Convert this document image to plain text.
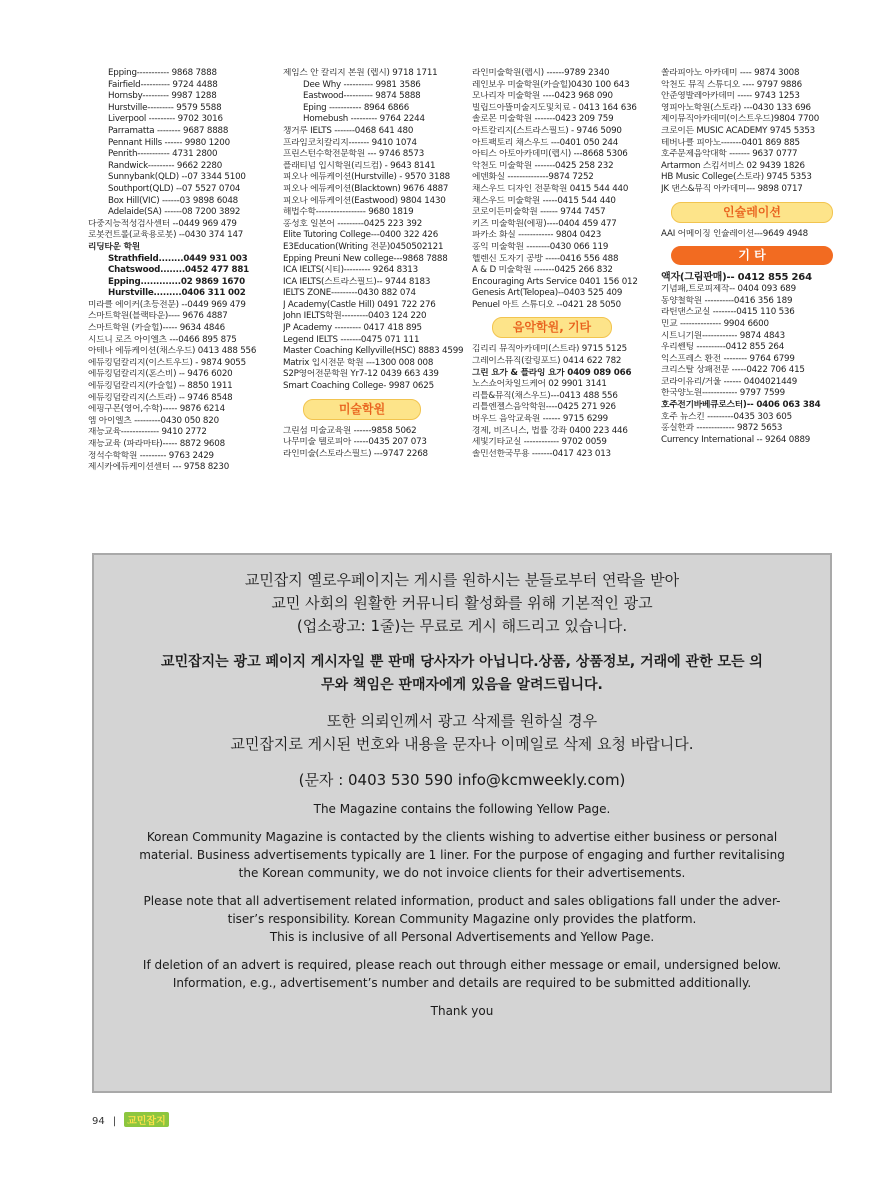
Epping----------- 9868 7888
Fairfield---------- 9724 4488
Hornsby--------- 9987 1288
Hurstville--------- 9579 5588
Liverpool --------- 9702 3016
Parramatta -------- 9687 8888
Pennant Hills ------ 9980 1200
Penrith----------- 4731 2800
Randwick--------- 9662 2280
Sunnybank(QLD) --07 3344 5100
Southport(QLD) --07 5527 0704
Box Hill(VIC) ------03 9898 6048
Adelaide(SA) ------08 7200 3892
다중지능적성검사센터 --0449 969 479
로봇컨트롤(교육용로봇) --0430 374 147
리딩타운 학원
Strathfield........0449 931 003
Chatswood........0452 477 881
Epping.............02 9869 1670
Hurstville.........0406 311 002
미라클 에이커(초등전문) --0449 969 479
스마트학원(블랙타운)---- 9676 4887
스마트학원 (카슬힐)----- 9634 4846
시드니 로즈 아이엘츠 ---0466 895 875
아테나 에듀케이션(채스우드) 0413 488 556
에듀킹덤칼리지(이스트우드) - 9874 9055
에듀킹덤칼리지(혼스비) -- 9476 6020
에듀킹덤칼리지(카슬힐) -- 8850 1911
에듀킹덤칼리지(스트라) -- 9746 8548
에핑구몬(영어,수학)----- 9876 6214
엠 아이엘츠 ---------0430 050 820
재능교육------------- 9410 2772
재능교육 (파라마타)----- 8872 9608
정석수학학원 --------- 9763 2429
제시카에듀케이션센터 --- 9758 8230
제임스 안 칼리지 본원 (렙시) 9718 1711
Dee Why ---------- 9981 3586
Eastwood---------- 9874 5888
Eping ----------- 8964 6866
Homebush --------- 9764 2244
챙거루 IELTS -------0468 641 480
프라임코치칼리지------- 9410 1074
프린스턴수학전문학원 --- 9746 8573
플래티넘 입시학원(리드컴) - 9643 8141
피오나 에듀케이션(Hurstville) - 9570 3188
피오나 에듀케이션(Blacktown) 9676 4887
피오나 에듀케이션(Eastwood) 9804 1430
해법수학----------------- 9680 1819
홍성호 일본어 ---------0425 223 392
Elite Tutoring College---0400 322 426
E3Education(Writing 전문)0450502121
Epping Preuni New college---9868 7888
ICA IELTS(시티)--------- 9264 8313
ICA IELTS(스트라스필드)-- 9744 8183
IELTS ZONE---------0430 882 074
J Academy(Castle Hill) 0491 722 276
John IELTS학원---------0403 124 220
JP Academy --------- 0417 418 895
Legend IELTS -------0475 071 111
Master Coaching Kellyville(HSC) 8883 4599
Matrix 입시전문 학원 ---1300 008 008
S2P영어전문학원 Yr7-12 0439 663 439
Smart Coaching College- 9987 0625
미술학원
그린섬 미술교육원 ------9858 5062
나무미술 텔로피아 -----0435 207 073
라인미술(스토라스필드) ---9747 2268
라인미술학원(렙시) ------9789 2340
레인보우 미술학원(카슬힐)0430 100 643
모나리자 미술학원 ----0423 968 090
빌립드아뜰미술지도및치료 - 0413 164 636
솔로몬 미술학원 -------0423 209 759
아트칼리지(스트라스필드) - 9746 5090
아트팩토리 채스우드 ---0401 050 244
아티스 아토아카데미(렙시) ---8668 5306
악천도 미술학원 -------0425 258 232
에덴화실 --------------9874 7252
채스우드 디자인 전문학원 0415 544 440
채스우드 미술학원 -----0415 544 440
코로이든미술학원 ------ 9744 7457
키즈 미술학원(에핑)----0404 459 477
파카소 화실 ------------ 9804 0423
홍익 미술학원 --------0430 066 119
헬렌신 도자기 공방 -----0416 556 488
A & D 미술학원 -------0425 266 832
Encouraging Arts Service 0401 156 012
Genesis Art(Telopea)--0403 525 409
Penuel 아트 스튜디오 --0421 28 5050
음악학원, 기타
김리리 뮤직아카데미(스트라) 9715 5125
그레이스뮤직(칼링포드) 0414 622 782
그린 요가 & 플라잉 요가 0409 089 066
노스쇼어차일드케어 02 9901 3141
리틀&뮤직(채스우드)---0413 488 556
리틀엔젤스음악학원----0425 271 926
버우드 음악교육원 ------ 9715 6299
경제, 비즈니스, 법률 강좌 0400 223 446
세빛기타교실 ------------ 9702 0059
솔민선한국무용 -------0417 423 013
쏠라피아노 아카데미 ---- 9874 3008
악천도 뮤직 스튜디오 ---- 9797 9886
안준영발레아카데미 ----- 9743 1253
영피아노학원(스토라) ---0430 133 696
제이뮤직아카데미(이스트우드)9804 7700
크로이든 MUSIC ACADEMY 9745 5353
테버나클 피아노-------0401 869 885
호주문제음악대학 ------- 9637 0777
Artarmon 스킴서비스 02 9439 1826
HB Music College(스토라) 9745 5353
JK 댄스&뮤직 아카데미--- 9898 0717
인슐레이션
AAI 어메이징 인슐레이션---9649 4948
기 타
액자(그림판매)-- 0412 855 264
기념패,트로피제작-- 0404 093 689
동양철학원 ----------0416 356 189
라틴댄스교실 --------0415 110 536
민교 -------------- 9904 6600
시트니기원------------ 9874 4843
우리쎈팅 ----------0412 855 264
익스프레스 환전 -------- 9764 6799
크리스탈 상패전문 -----0422 706 415
코라이유리/거울 ------ 0404021449
한국양노원------------ 9797 7599
호주전기바베큐로스터)-- 0406 063 384
호주 뉴스킨 ---------0435 303 605
홍실한과 ------------- 9872 5653
Currency International -- 9264 0889

교민잡지 옐로우페이지는 게시를 원하시는 분들로부터 연락을 받아

교민 사회의 원활한 커뮤니티 활성화를 위해 기본적인 광고

(업소광고: 1줄)는 무료로 게시 해드리고 있습니다.

교민잡지는 광고 페이지 게시자일 뿐 판매 당사자가 아닙니다.상품, 상품정보, 거래에 관한 모든 의

무와 책임은 판매자에게 있음을 알려드립니다.

또한 의뢰인께서 광고 삭제를 원하실 경우

교민잡지로 게시된 번호와 내용을 문자나 이메일로 삭제 요청 바랍니다.

(문자 : 0403 530 590 info@kcmweekly.com)

The Magazine contains the following Yellow Page.

Korean Community Magazine is contacted by the clients wishing to advertise either business or personal

material. Business advertisements typically are 1 liner. For the purpose of engaging and further revitalising

the Korean community, we do not invoice clients for their advertisements.

Please note that all advertisement related information, product and sales obligations fall under the adver-

tiser’s responsibility. Korean Community Magazine only provides the platform.

This is inclusive of all Personal Advertisements and Yellow Page.

If deletion of an advert is required, please reach out through either message or email, undersigned below.

Information, e.g., advertisement’s number and details are required to be submitted additionally.

Thank you

94 | 교민잡지
